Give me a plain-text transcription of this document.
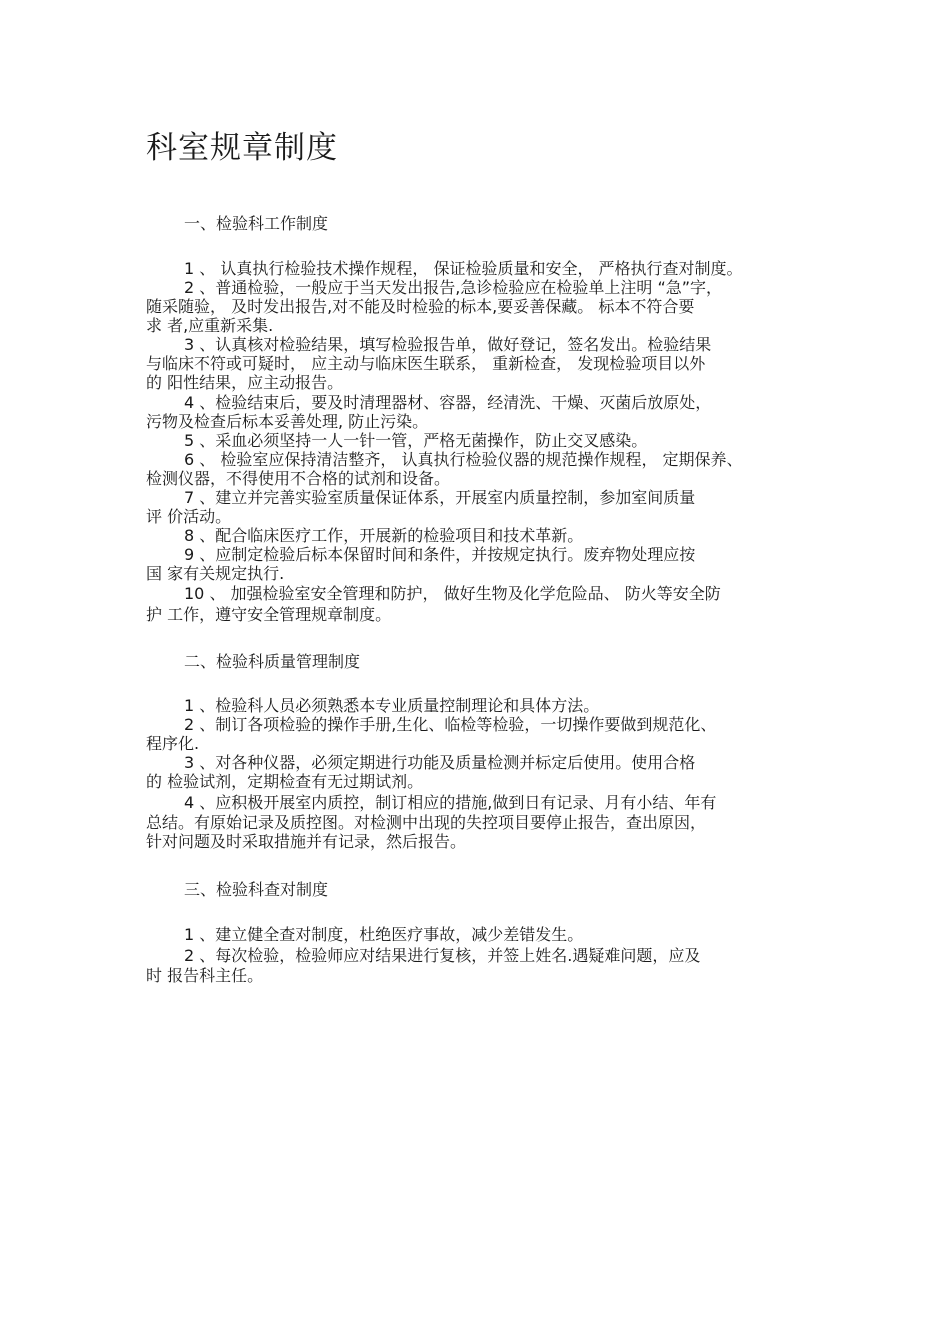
科室规章制度
一、检验科工作制度
1 、 认真执行检验技术操作规程， 保证检验质量和安全， 严格执行查对制度。
2 、普通检验，一般应于当天发出报告,急诊检验应在检验单上注明 “急”字，
随采随验， 及时发出报告,对不能及时检验的标本,要妥善保藏。 标本不符合要
求 者,应重新采集.
3 、认真核对检验结果，填写检验报告单，做好登记，签名发出。检验结果
与临床不符或可疑时， 应主动与临床医生联系， 重新检查， 发现检验项目以外
的 阳性结果，应主动报告。
4 、检验结束后，要及时清理器材、容器，经清洗、干燥、灭菌后放原处，
污物及检查后标本妥善处理, 防止污染。
5 、采血必须坚持一人一针一管，严格无菌操作，防止交叉感染。
6 、 检验室应保持清洁整齐， 认真执行检验仪器的规范操作规程， 定期保养、
检测仪器，不得使用不合格的试剂和设备。
7 、建立并完善实验室质量保证体系，开展室内质量控制，参加室间质量
评 价活动。
8 、配合临床医疗工作，开展新的检验项目和技术革新。
9 、应制定检验后标本保留时间和条件，并按规定执行。废弃物处理应按
国 家有关规定执行.
10 、 加强检验室安全管理和防护， 做好生物及化学危险品、 防火等安全防
护 工作，遵守安全管理规章制度。
二、检验科质量管理制度
1 、检验科人员必须熟悉本专业质量控制理论和具体方法。
2 、制订各项检验的操作手册,生化、临检等检验，一切操作要做到规范化、
程序化.
3 、对各种仪器，必须定期进行功能及质量检测并标定后使用。使用合格
的 检验试剂，定期检查有无过期试剂。
4 、应积极开展室内质控，制订相应的措施,做到日有记录、月有小结、年有
总结。有原始记录及质控图。对检测中出现的失控项目要停止报告，查出原因，
针对问题及时采取措施并有记录，然后报告。
三、检验科查对制度
1 、建立健全查对制度，杜绝医疗事故，减少差错发生。
2 、每次检验，检验师应对结果进行复核，并签上姓名.遇疑难问题，应及
时 报告科主任。
